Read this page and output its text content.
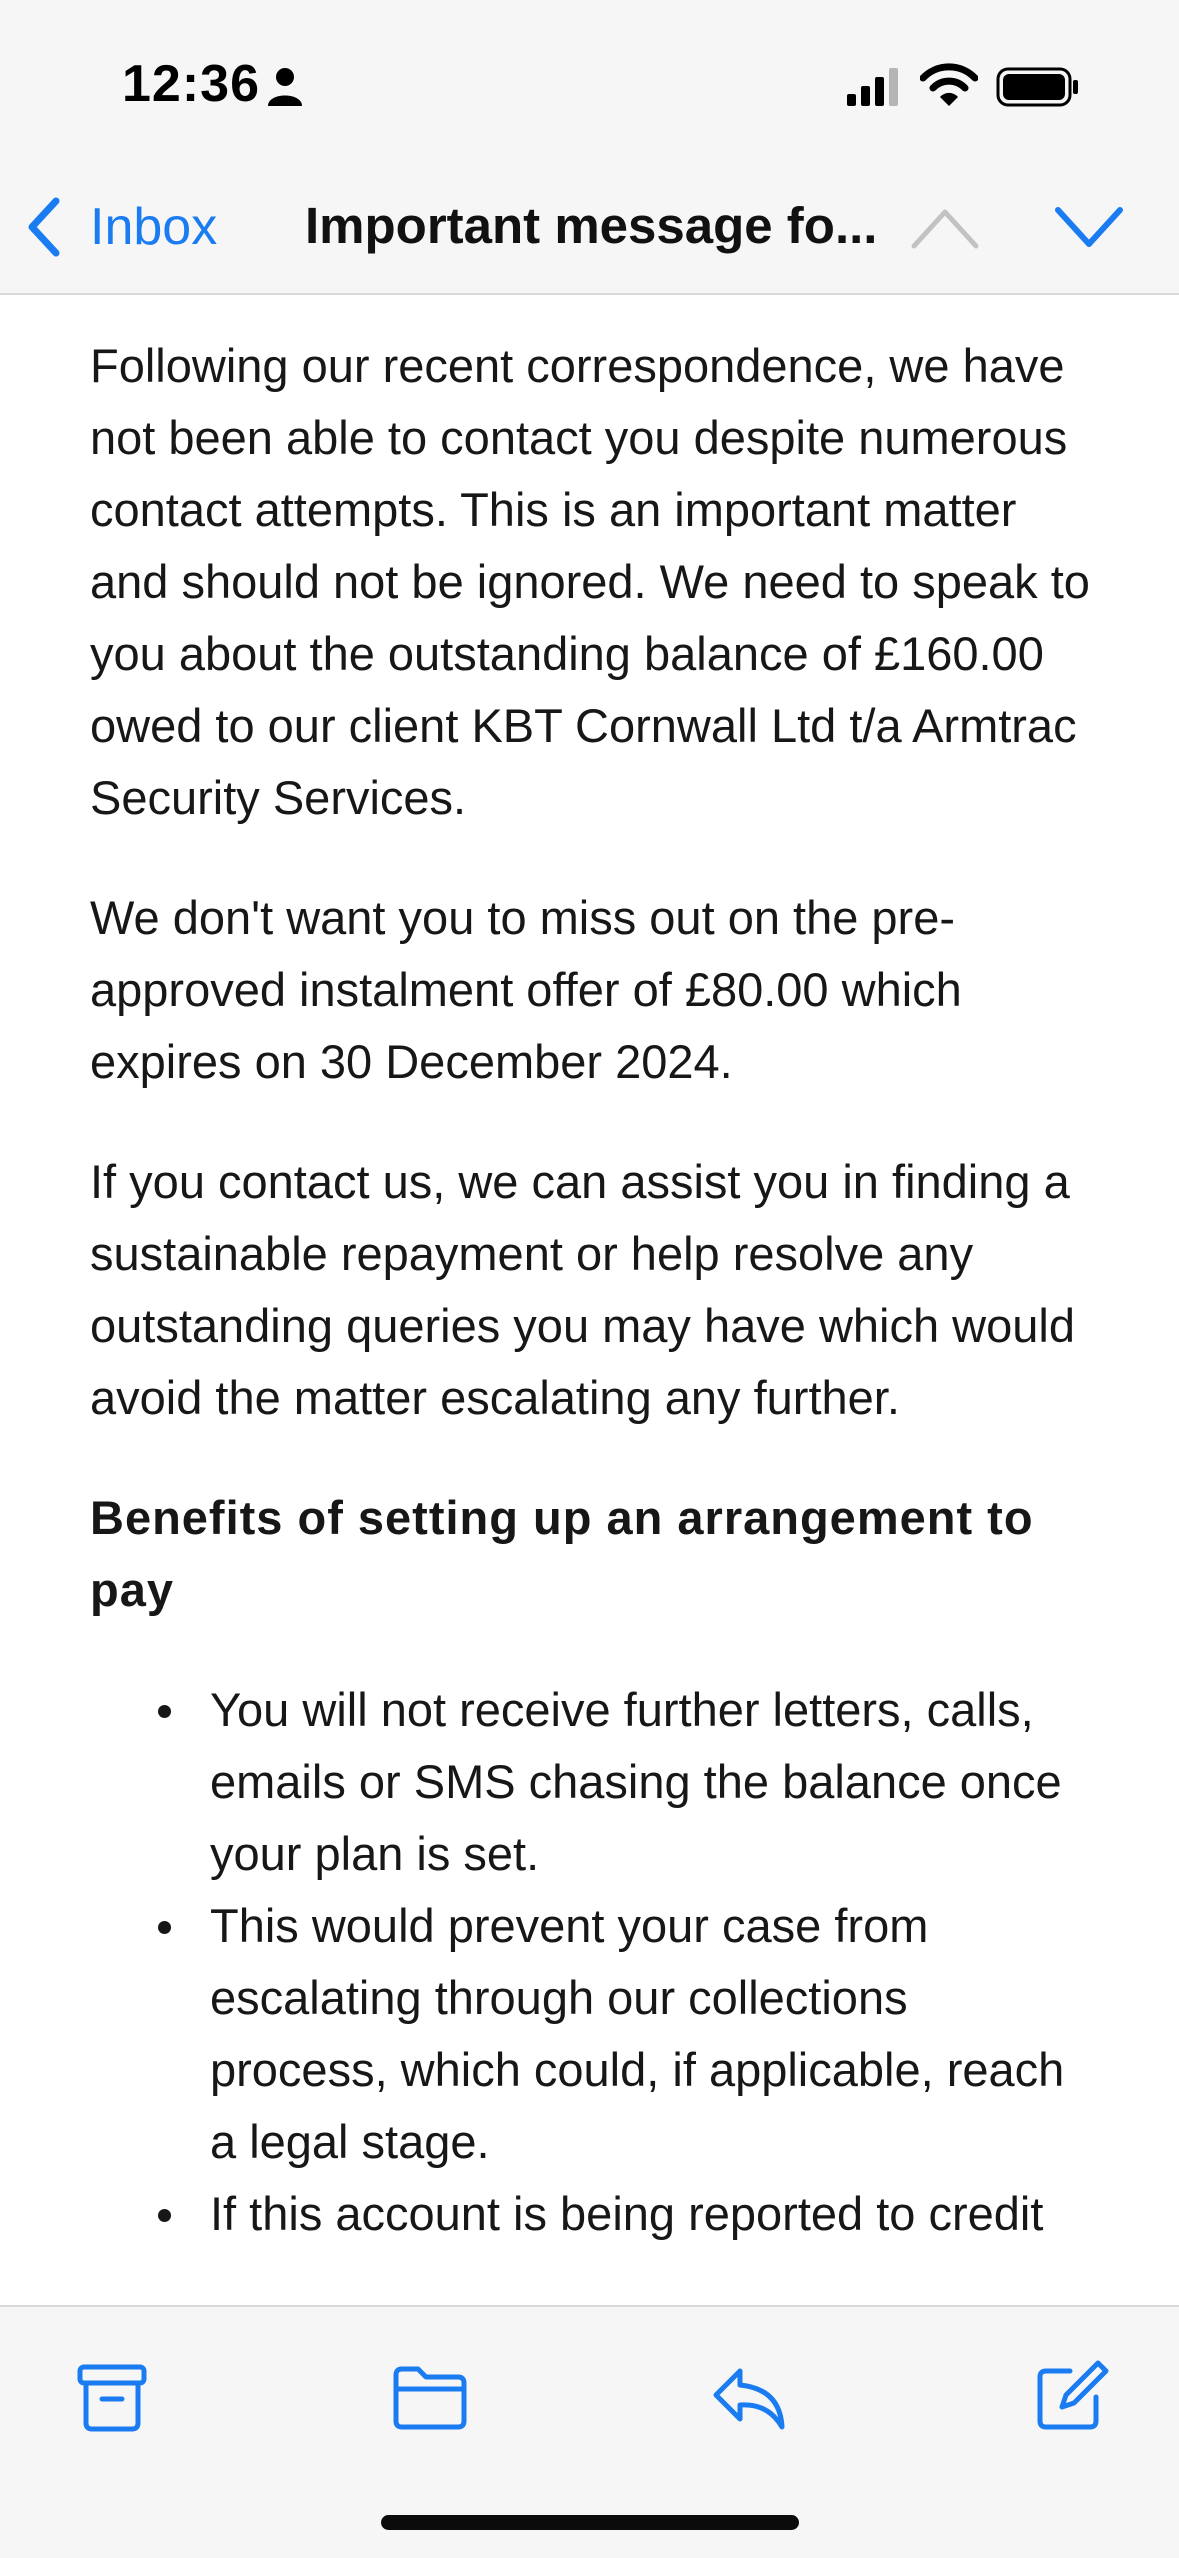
12:36
Inbox Important message fo...

Following our recent correspondence, we have not been able to contact you despite numerous contact attempts. This is an important matter and should not be ignored. We need to speak to you about the outstanding balance of £160.00 owed to our client KBT Cornwall Ltd t/a Armtrac Security Services.

We don't want you to miss out on the pre-approved instalment offer of £80.00 which expires on 30 December 2024.

If you contact us, we can assist you in finding a sustainable repayment or help resolve any outstanding queries you may have which would avoid the matter escalating any further.

Benefits of setting up an arrangement to pay
You will not receive further letters, calls, emails or SMS chasing the balance once your plan is set.
This would prevent your case from escalating through our collections process, which could, if applicable, reach a legal stage.
If this account is being reported to credit
